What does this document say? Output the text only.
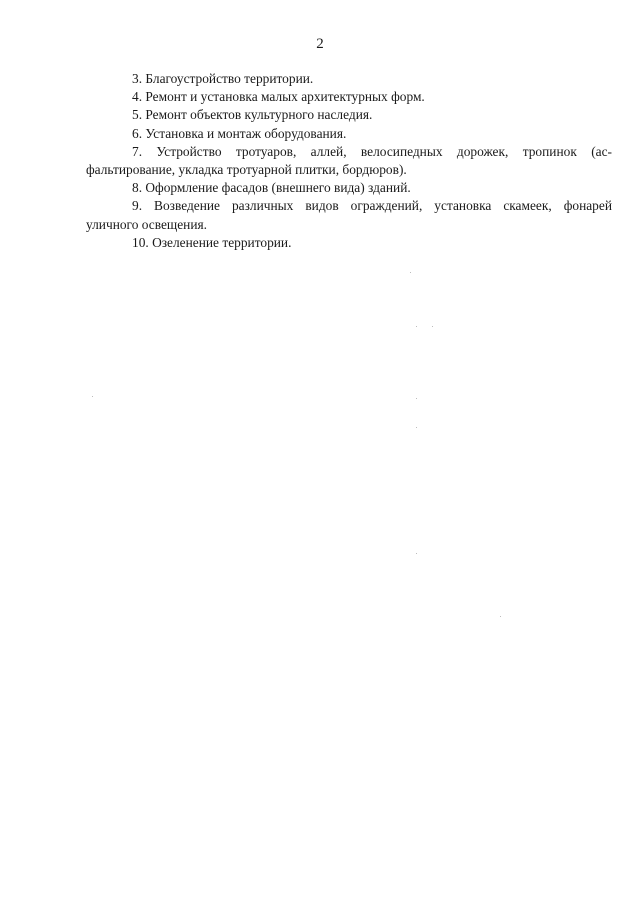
2

3. Благоустройство территории.

4. Ремонт и установка малых архитектурных форм.

5. Ремонт объектов культурного наследия.

6. Установка и монтаж оборудования.

7. Устройство тротуаров, аллей, велосипедных дорожек, тропинок (ас-
фальтирование, укладка тротуарной плитки, бордюров).

8. Оформление фасадов (внешнего вида) зданий.

9. Возведение различных видов ограждений, установка скамеек, фонарей
уличного освещения.

10. Озеленение территории.
